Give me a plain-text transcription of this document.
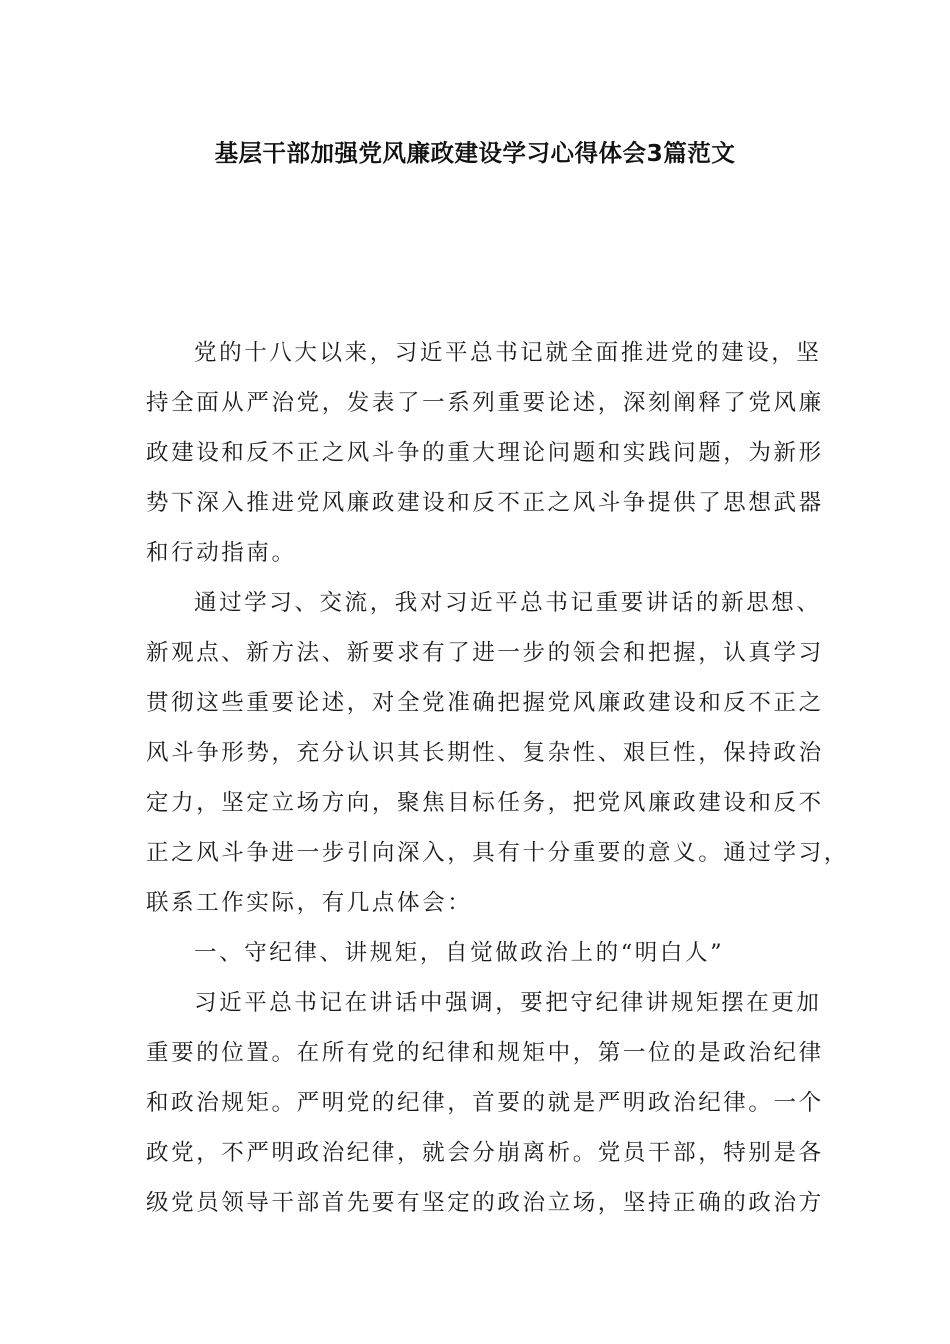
基层干部加强党风廉政建设学习心得体会3篇范文
党的十八大以来，习近平总书记就全面推进党的建设，坚
持全面从严治党，发表了一系列重要论述，深刻阐释了党风廉
政建设和反不正之风斗争的重大理论问题和实践问题，为新形
势下深入推进党风廉政建设和反不正之风斗争提供了思想武器
和行动指南。
通过学习、交流，我对习近平总书记重要讲话的新思想、
新观点、新方法、新要求有了进一步的领会和把握，认真学习
贯彻这些重要论述，对全党准确把握党风廉政建设和反不正之
风斗争形势，充分认识其长期性、复杂性、艰巨性，保持政治
定力，坚定立场方向，聚焦目标任务，把党风廉政建设和反不
正之风斗争进一步引向深入，具有十分重要的意义。通过学习，
联系工作实际，有几点体会：
一、守纪律、讲规矩，自觉做政治上的“明白人”
习近平总书记在讲话中强调，要把守纪律讲规矩摆在更加
重要的位置。在所有党的纪律和规矩中，第一位的是政治纪律
和政治规矩。严明党的纪律，首要的就是严明政治纪律。一个
政党，不严明政治纪律，就会分崩离析。党员干部，特别是各
级党员领导干部首先要有坚定的政治立场，坚持正确的政治方
